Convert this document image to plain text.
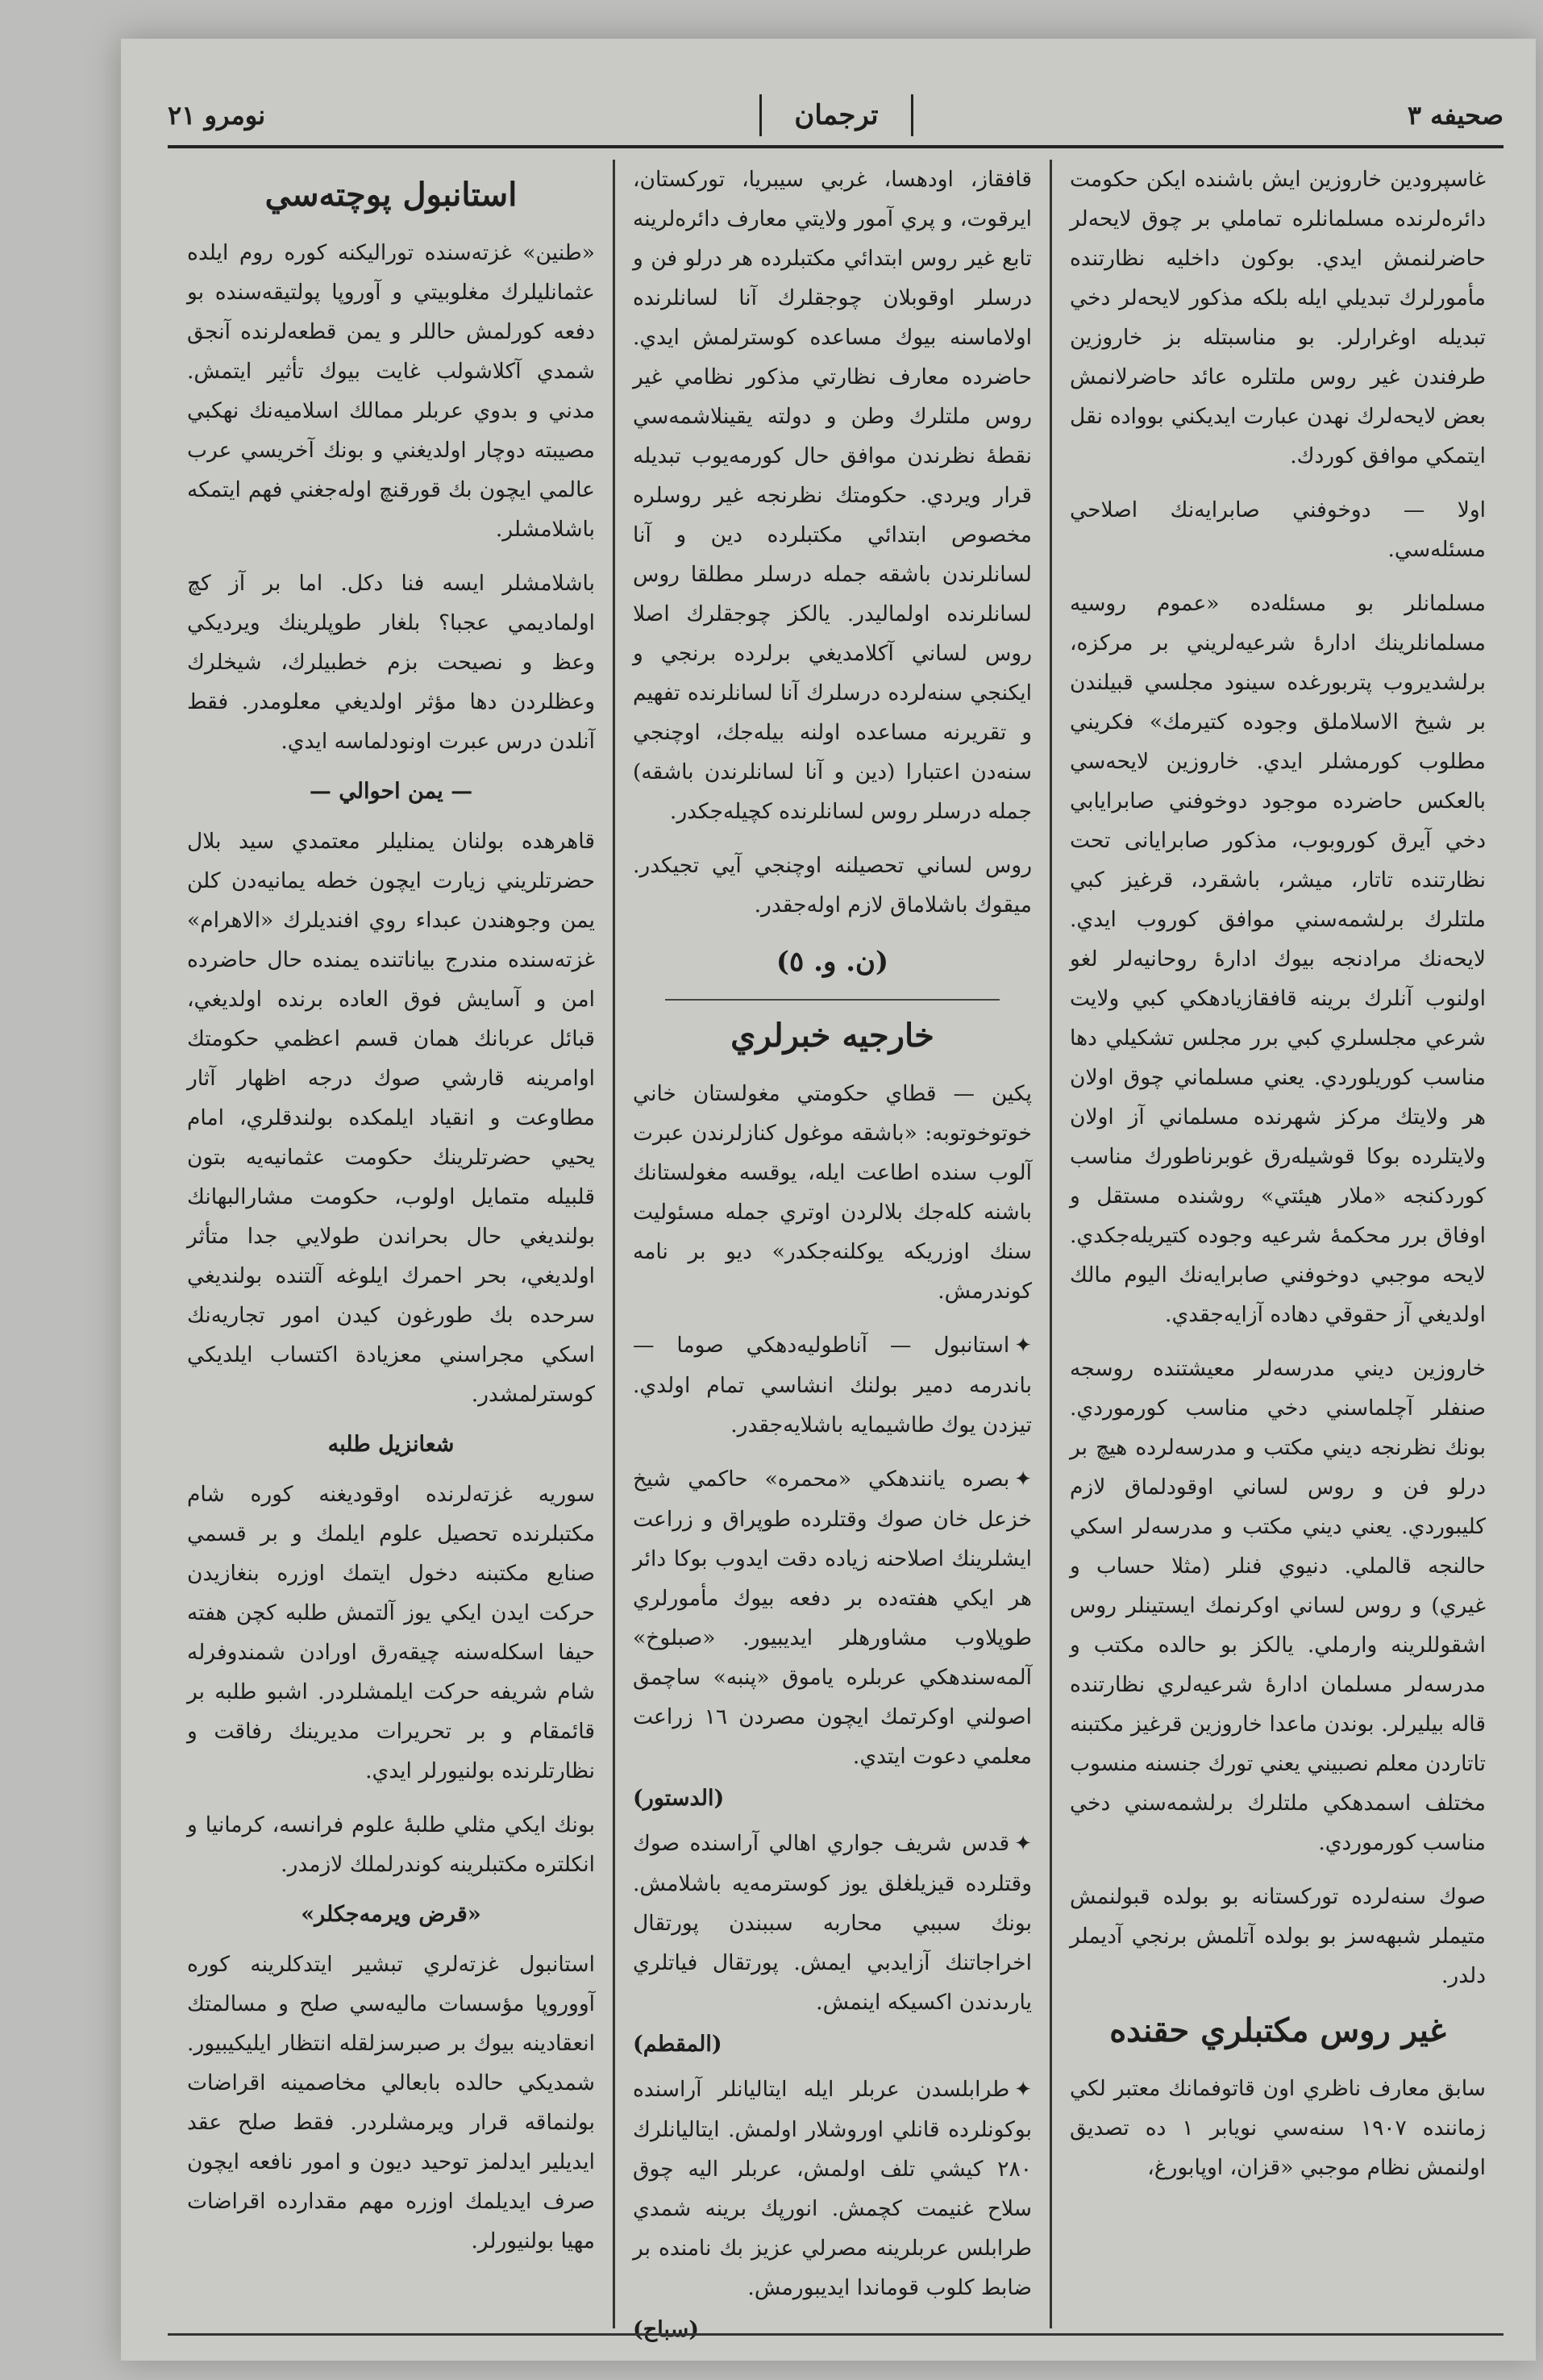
صحيفه ٣
ترجمان
نومرو ٢١

غاسپرودين خاروزين ايش باشنده ايكن حكومت دائرەلرنده مسلمانلره تماملي بر چوق لايحەلر حاضرلنمش ايدي. بوكون داخليه نظارتنده مأمورلرك تبديلي ايله بلكه مذكور لايحەلر دخي تبديله اوغرارلر. بو مناسبتله بز خاروزين طرفندن غير روس ملتلره عائد حاضرلانمش بعض لايحەلرك نهدن عبارت ايديكني بووادە نقل ايتمكي موافق كوردك.

اولا — دوخوفني صابرايەنك اصلاحي مسئلەسي.

مسلمانلر بو مسئلەده «عموم روسيه مسلمانلرينك ادارهٔ شرعيەلريني بر مركزه، برلشديروب پتربورغده سينود مجلسي قبيلندن بر شيخ الاسلاملق وجوده كتيرمك» فكريني مطلوب كورمشلر ايدي. خاروزين لايحەسي بالعكس حاضرده موجود دوخوفني صابرايابي دخي آيرق كوروبوب، مذكور صابرايانى تحت نظارتنده تاتار، ميشر، باشقرد، قرغيز كبي ملتلرك برلشمەسني موافق كوروب ايدي. لايحەنك مرادنجه بيوك ادارهٔ روحانيەلر لغو اولنوب آنلرك برينه قافقازيادهكي كبي ولايت شرعي مجلسلري كبي برر مجلس تشكيلي دها مناسب كوريلوردي. يعني مسلماني چوق اولان هر ولايتك مركز شهرنده مسلماني آز اولان ولايتلرده بوكا قوشيلەرق غوبرناطورك مناسب كوردكنجه «ملار هيئتي» روشنده مستقل و اوفاق برر محكمهٔ شرعيه وجوده كتيريلەجكدي. لايحه موجبي دوخوفني صابرايەنك اليوم مالك اولديغي آز حقوقي دهاده آزايەجقدي.

خاروزين ديني مدرسەلر معيشتنده روسجه صنفلر آچلماسني دخي مناسب كورموردي. بونك نظرنجه ديني مكتب و مدرسەلرده هيچ بر درلو فن و روس لساني اوقودلماق لازم كليبوردي. يعني ديني مكتب و مدرسەلر اسكي حالنجه قالملي. دنيوي فنلر (مثلا حساب و غيري) و روس لساني اوكرنمك ايستينلر روس اشقوللرينه وارملي. يالكز بو حالده مكتب و مدرسەلر مسلمان ادارهٔ شرعيەلري نظارتنده قاله بيليرلر. بوندن ماعدا خاروزين قرغيز مكتبنه تاتاردن معلم نصبيني يعني تورك جنسنه منسوب مختلف اسمدهكي ملتلرك برلشمەسني دخي مناسب كورموردي.

صوك سنەلرده توركستانه بو بولده قبولنمش متيملر شبهەسز بو بولده آتلمش برنجي آديملر دلدر.

غير روس مكتبلري حقنده

سابق معارف ناظري اون قاتوفمانك معتبر لكي زماننده ١٩٠٧ سنەسي نويابر ١ ده تصديق اولنمش نظام موجبي «قزان، اوپابورغ،

قافقاز، اودهسا، غربي سيبريا، توركستان، ايرقوت، و پري آمور ولايتي معارف دائرەلرينه تابع غير روس ابتدائي مكتبلرده هر درلو فن و درسلر اوقوبلان چوجقلرك آنا لسانلرنده اولاماسنه بيوك مساعده كوسترلمش ايدي. حاضرده معارف نظارتي مذكور نظامي غير روس ملتلرك وطن و دولته يقينلاشمەسي نقطهٔ نظرندن موافق حال كورمەيوب تبديله قرار ويردي. حكومتك نظرنجه غير روسلره مخصوص ابتدائي مكتبلرده دين و آنا لسانلرندن باشقه جمله درسلر مطلقا روس لسانلرنده اولماليدر. يالكز چوجقلرك اصلا روس لساني آكلامديغي برلرده برنجي و ايكنجي سنەلرده درسلرك آنا لسانلرنده تفهيم و تقريرنه مساعده اولنه بيلەجك، اوچنجي سنەدن اعتبارا (دين و آنا لسانلرندن باشقه) جمله درسلر روس لسانلرنده كچيلەجكدر.

روس لساني تحصيلنه اوچنجي آيي تجيكدر. ميقوك باشلاماق لازم اولەجقدر.

(ن. و. ٥)
خارجيه خبرلري

پكين — قطاي حكومتي مغولستان خاني خوتوخوتوبه: «باشقه موغول كنازلرندن عبرت آلوب سنده اطاعت ايله، يوقسه مغولستانك باشنه كلەجك بلالردن اوتري جمله مسئوليت سنك اوزريكه يوكلنەجكدر» ديو بر نامه كوندرمش.

✦استانبول — آناطوليەدهكي صوما — باندرمه دمير بولنك انشاسي تمام اولدي. تيزدن يوك طاشيمايه باشلايەجقدر.

✦بصره يانندهكي «محمره» حاكمي شيخ خزعل خان صوك وقتلرده طوپراق و زراعت ايشلرينك اصلاحنه زياده دقت ايدوب بوكا دائر هر ايكي هفتەده بر دفعه بيوك مأمورلري طوپلاوب مشاورهلر ايديبيور. «صبلوخ» آلمەسندهكي عربلره ياموق «پنبه» ساچمق اصولني اوكرتمك ايچون مصردن ١٦ زراعت معلمي دعوت ايتدي.

(الدستور)

✦قدس شريف جواري اهالي آراسنده صوك وقتلرده قيزيلغلق يوز كوسترمەيه باشلامش. بونك سببي محاربه سببندن پورتقال اخراجاتنك آزايدبي ايمش. پورتقال فياتلري يارىدندن اكسيكه اينمش.

(المقطم)

✦طرابلسدن عربلر ايله ايتاليانلر آراسنده بوكونلرده قانلي اوروشلار اولمش. ايتاليانلرك ٢٨٠ كيشي تلف اولمش، عربلر اليه چوق سلاح غنيمت كچمش. انورپك برينه شمدي طرابلس عربلرينه مصرلي عزيز بك نامنده بر ضابط كلوب قوماندا ايديبورمش.

(سباح)
استانبول پوچتەسي

«طنين» غزتەسنده توراليكنه كوره روم ايلده عثمانليلرك مغلوبيتي و آوروپا پولتيقەسنده بو دفعه كورلمش حاللر و يمن قطعەلرنده آنجق شمدي آكلاشولب غايت بيوك تأثير ايتمش. مدني و بدوي عربلر ممالك اسلاميەنك نهكبي مصيبته دوچار اولديغني و بونك آخريسي عرب عالمي ايچون بك قورقنچ اولەجغني فهم ايتمكه باشلامشلر.

باشلامشلر ايسه فنا دكل. اما بر آز كچ اولماديمي عجبا؟ بلغار طوپلرينك ويرديكي وعظ و نصيحت بزم خطبيلرك، شيخلرك وعظلردن دها مؤثر اولديغي معلومدر. فقط آنلدن درس عبرت اونودلماسه ايدي.

— يمن احوالي —

قاهرهده بولنان يمنليلر معتمدي سيد بلال حضرتلريني زيارت ايچون خطه يمانيەدن كلن يمن وجوهندن عبداء روي افنديلرك «الاهرام» غزتەسنده مندرج بياناتنده يمنده حال حاضرده امن و آسايش فوق العاده برنده اولديغي، قبائل عربانك همان قسم اعظمي حكومتك اوامرينه قارشي صوك درجه اظهار آثار مطاوعت و انقياد ايلمكده بولندقلري، امام يحيي حضرتلرينك حكومت عثمانيەيه بتون قلبيله متمايل اولوب، حكومت مشارالبهانك بولنديغي حال بحراندن طولايي جدا متأثر اولديغي، بحر احمرك ايلوغه آلتنده بولنديغي سرحده بك طورغون كيدن امور تجاريەنك اسكي مجراسني معزيادة اكتساب ايلديكي كوسترلمشدر.

شعانزيل طلبه

سوريه غزتەلرنده اوقوديغنه كوره شام مكتبلرنده تحصيل علوم ايلمك و بر قسمي صنايع مكتبنه دخول ايتمك اوزره بنغازيدن حركت ايدن ايكي يوز آلتمش طلبه كچن هفته حيفا اسكلەسنه چيقەرق اورادن شمندوفرله شام شريفه حركت ايلمشلردر. اشبو طلبه بر قائمقام و بر تحريرات مديرينك رفاقت و نظارتلرنده بولنيورلر ايدي.

بونك ايكي مثلي طلبهٔ علوم فرانسه، كرمانيا و انكلتره مكتبلرينه كوندرلملك لازمدر.

«قرض ويرمەجكلر»

استانبول غزتەلري تبشير ايتدكلرينه كوره آووروپا مؤسسات ماليەسي صلح و مسالمتك انعقادينه بيوك بر صبرسزلقله انتظار ايليكيبيور. شمديكي حالده بابعالي مخاصمينه اقراضات بولنماقه قرار ويرمشلردر. فقط صلح عقد ايديلير ايدلمز توحيد ديون و امور نافعه ايچون صرف ايديلمك اوزره مهم مقدارده اقراضات مهيا بولنيورلر.
